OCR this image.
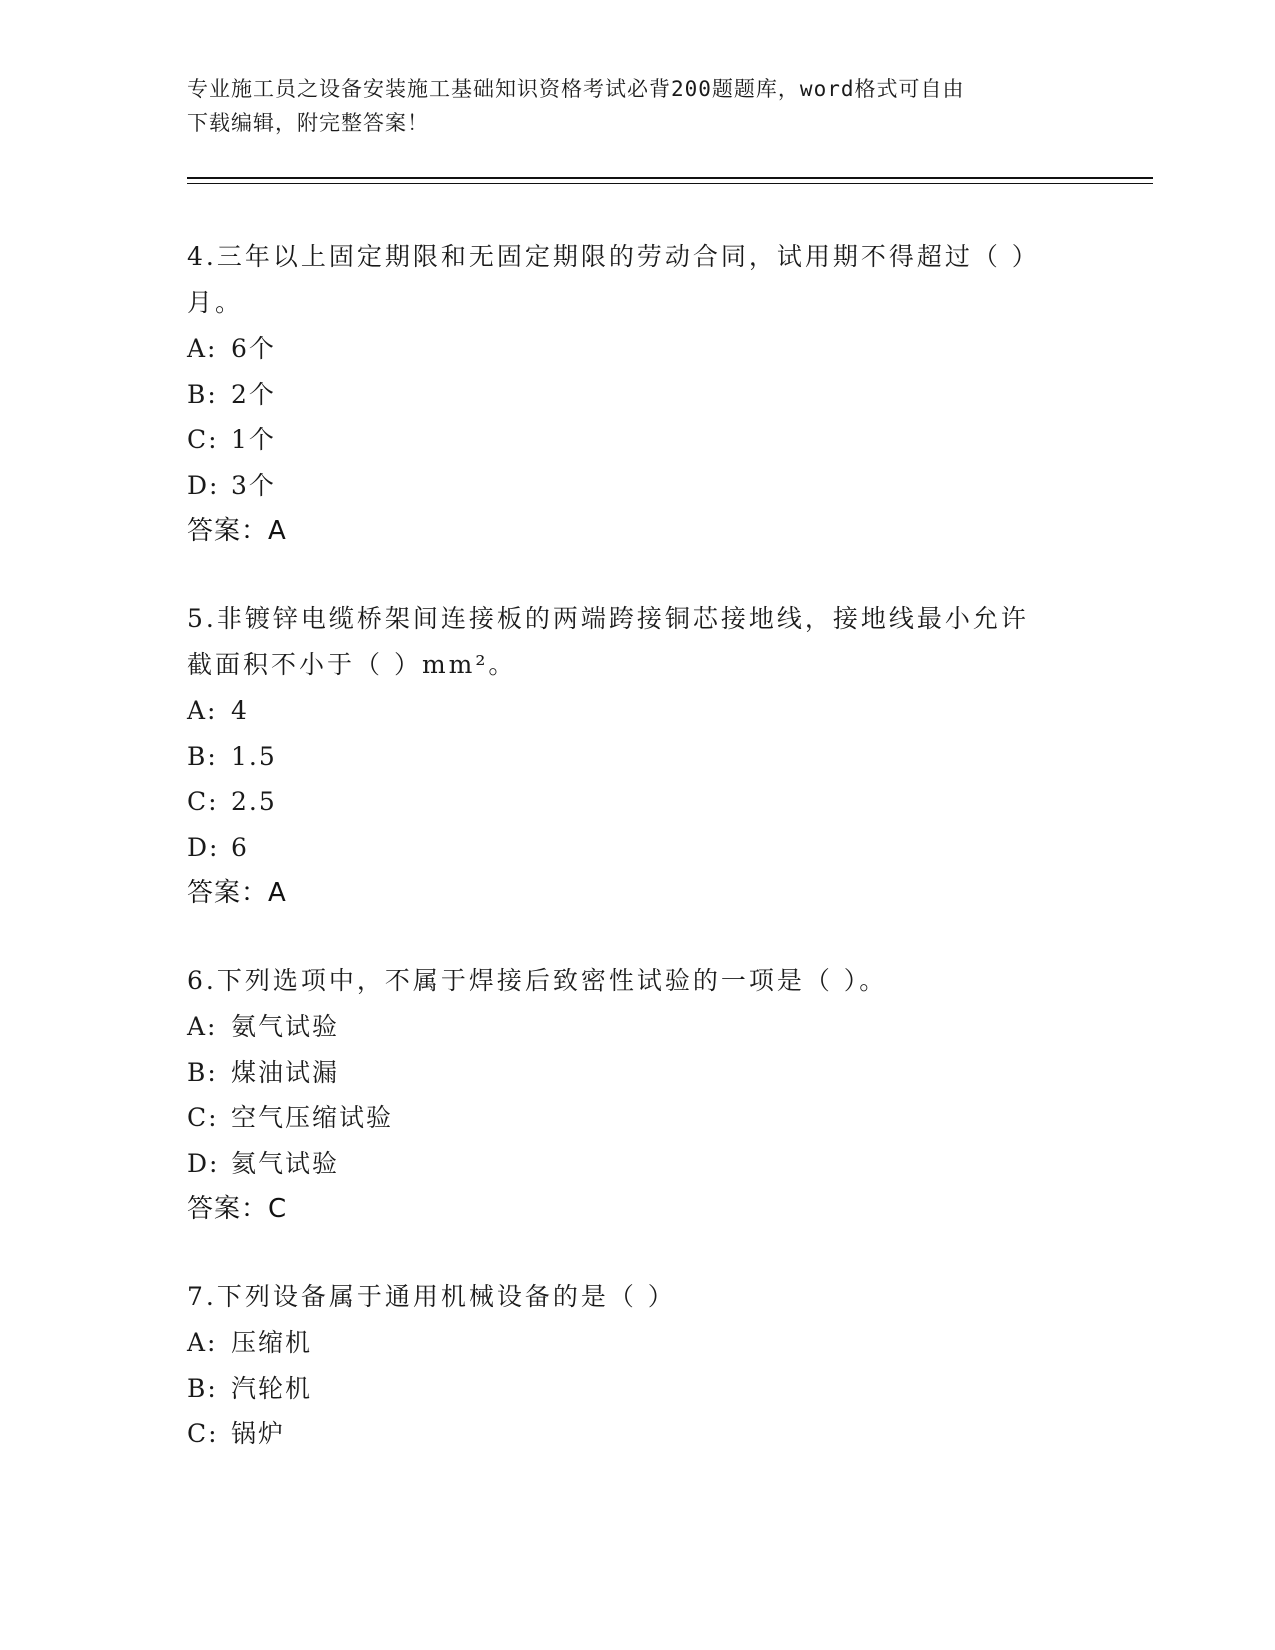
专业施工员之设备安装施工基础知识资格考试必背200题题库，word格式可自由
下载编辑，附完整答案！
4.三年以上固定期限和无固定期限的劳动合同，试用期不得超过（ ）
月。
A: 6个
B: 2个
C: 1个
D: 3个
答案：A
5.非镀锌电缆桥架间连接板的两端跨接铜芯接地线，接地线最小允许
截面积不小于（ ）mm²。
A: 4
B: 1.5
C: 2.5
D: 6
答案：A
6.下列选项中，不属于焊接后致密性试验的一项是（ ）。
A: 氨气试验
B: 煤油试漏
C: 空气压缩试验
D: 氦气试验
答案：C
7.下列设备属于通用机械设备的是（ ）
A: 压缩机
B: 汽轮机
C: 锅炉
